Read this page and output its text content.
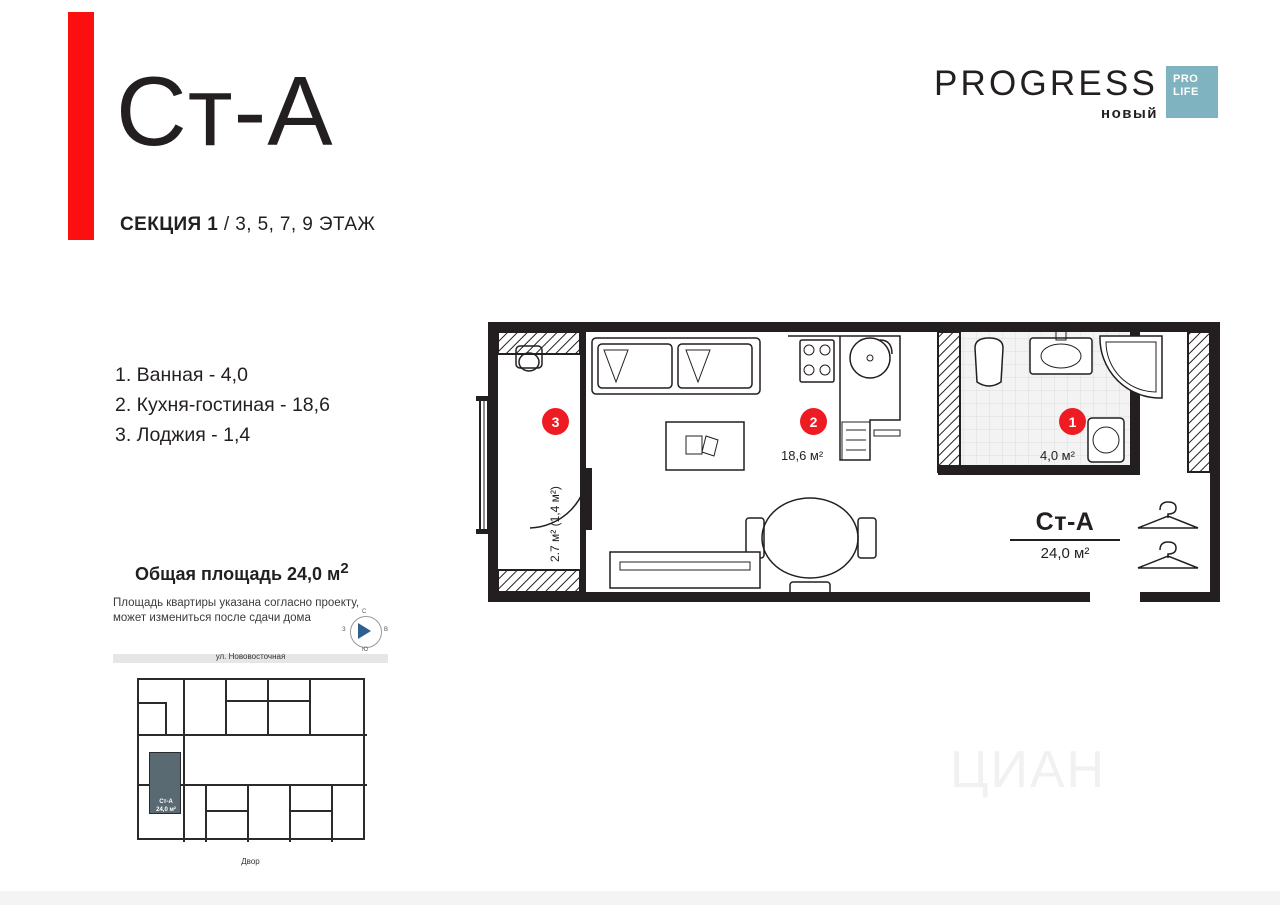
Ст-А
СЕКЦИЯ 1 / 3, 5, 7, 9 ЭТАЖ
PROGRESS
новый
PRO
LIFE
1. Ванная - 4,0
2. Кухня-гостиная - 18,6
3. Лоджия - 1,4
Общая площадь 24,0 $м^2$
Площадь квартиры указана согласно проекту,
может измениться после сдачи дома	С
Ю
З	В
ул. Нововосточная
Ст-А
24,0 м²
Двор
1
4,0 м²
2
18,6 м²
3
2.7 м² (1,4 м²)	Ст-А
24,0 м²
ЦИАН
